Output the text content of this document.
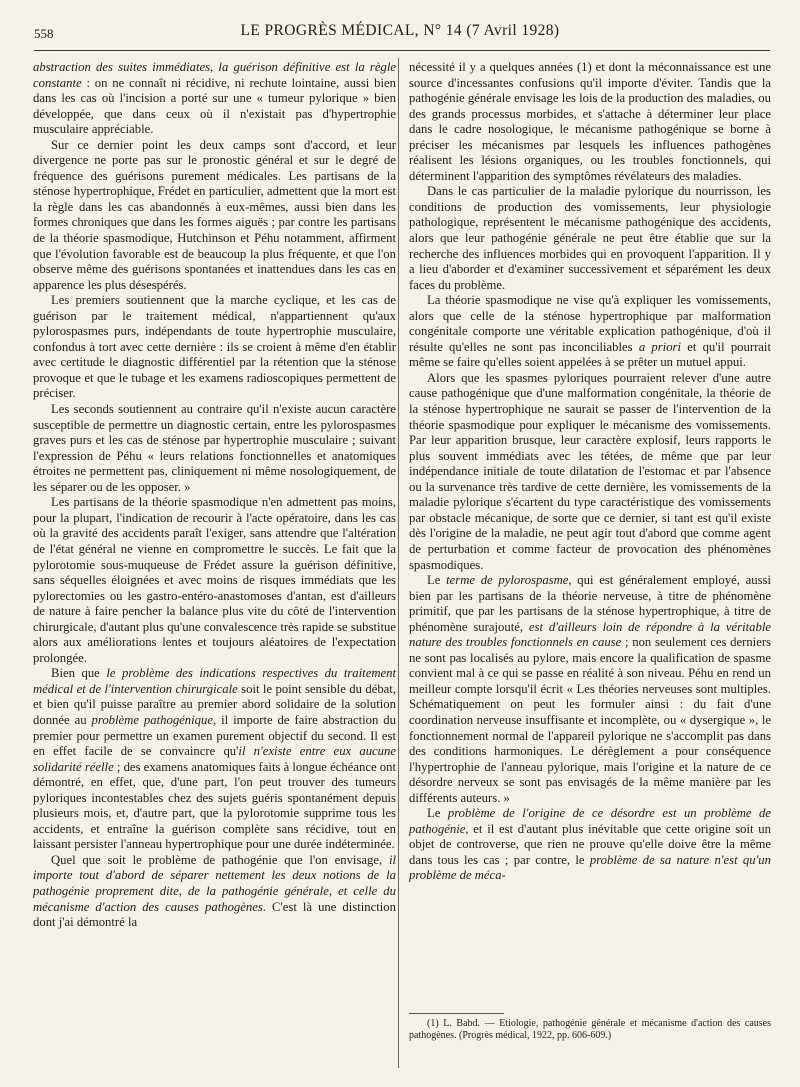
558	LE PROGRÈS MÉDICAL, N° 14 (7 Avril 1928)

abstraction des suites immédiates, la guérison définitive est la règle constante : on ne connaît ni récidive, ni rechute lointaine, aussi bien dans les cas où l'incision a porté sur une « tumeur pylorique » bien développée, que dans ceux où il n'existait pas d'hypertrophie musculaire appréciable.

Sur ce dernier point les deux camps sont d'accord, et leur divergence ne porte pas sur le pronostic général et sur le degré de fréquence des guérisons purement médicales. Les partisans de la sténose hypertrophique, Frédet en particulier, admettent que la mort est la règle dans les cas abandonnés à eux-mêmes, aussi bien dans les formes chroniques que dans les formes aiguës ; par contre les partisans de la théorie spasmodique, Hutchinson et Péhu notamment, affirment que l'évolution favorable est de beaucoup la plus fréquente, et que l'on observe même des guérisons spontanées et inattendues dans les cas en apparence les plus désespérés.

Les premiers soutiennent que la marche cyclique, et les cas de guérison par le traitement médical, n'appartiennent qu'aux pylorospasmes purs, indépendants de toute hypertrophie musculaire, confondus à tort avec cette dernière : ils se croient à même d'en établir avec certitude le diagnostic différentiel par la rétention que la sténose provoque et que le tubage et les examens radioscopiques permettent de préciser.

Les seconds soutiennent au contraire qu'il n'existe aucun caractère susceptible de permettre un diagnostic certain, entre les pylorospasmes graves purs et les cas de sténose par hypertrophie musculaire ; suivant l'expression de Péhu « leurs relations fonctionnelles et anatomiques étroites ne permettent pas, cliniquement ni même nosologiquement, de les séparer ou de les opposer. »

Les partisans de la théorie spasmodique n'en admettent pas moins, pour la plupart, l'indication de recourir à l'acte opératoire, dans les cas où la gravité des accidents paraît l'exiger, sans attendre que l'altération de l'état général ne vienne en compromettre le succès. Le fait que la pylorotomie sous-muqueuse de Frédet assure la guérison définitive, sans séquelles éloignées et avec moins de risques immédiats que les pylorectomies ou les gastro-entéro-anastomoses d'antan, est d'ailleurs de nature à faire pencher la balance plus vite du côté de l'intervention chirurgicale, d'autant plus qu'une convalescence très rapide se substitue alors aux améliorations lentes et toujours aléatoires de l'expectation prolongée.

Bien que le problème des indications respectives du traitement médical et de l'intervention chirurgicale soit le point sensible du débat, et bien qu'il puisse paraître au premier abord solidaire de la solution donnée au problème pathogénique, il importe de faire abstraction du premier pour permettre un examen purement objectif du second. Il est en effet facile de se convaincre qu'il n'existe entre eux aucune solidarité réelle ; des examens anatomiques faits à longue échéance ont démontré, en effet, que, d'une part, l'on peut trouver des tumeurs pyloriques incontestables chez des sujets guéris spontanément depuis plusieurs mois, et, d'autre part, que la pylorotomie supprime tous les accidents, et entraîne la guérison complète sans récidive, tout en laissant persister l'anneau hypertrophique pour une durée indéterminée.

Quel que soit le problème de pathogénie que l'on envisage, il importe tout d'abord de séparer nettement les deux notions de la pathogénie proprement dite, de la pathogénie générale, et celle du mécanisme d'action des causes pathogènes. C'est là une distinction dont j'ai démontré la

nécessité il y a quelques années (1) et dont la méconnaissance est une source d'incessantes confusions qu'il importe d'éviter. Tandis que la pathogénie générale envisage les lois de la production des maladies, ou des grands processus morbides, et s'attache à déterminer leur place dans le cadre nosologique, le mécanisme pathogénique se borne à préciser les mécanismes par lesquels les influences pathogènes réalisent les lésions organiques, ou les troubles fonctionnels, qui déterminent l'apparition des symptômes révélateurs des maladies.

Dans le cas particulier de la maladie pylorique du nourrisson, les conditions de production des vomissements, leur physiologie pathologique, représentent le mécanisme pathogénique des accidents, alors que leur pathogénie générale ne peut être établie que sur la recherche des influences morbides qui en provoquent l'apparition. Il y a lieu d'aborder et d'examiner successivement et séparément les deux faces du problème.

La théorie spasmodique ne vise qu'à expliquer les vomissements, alors que celle de la sténose hypertrophique par malformation congénitale comporte une véritable explication pathogénique, d'où il résulte qu'elles ne sont pas inconciliables a priori et qu'il pourrait même se faire qu'elles soient appelées à se prêter un mutuel appui.

Alors que les spasmes pyloriques pourraient relever d'une autre cause pathogénique que d'une malformation congénitale, la théorie de la sténose hypertrophique ne saurait se passer de l'intervention de la théorie spasmodique pour expliquer le mécanisme des vomissements. Par leur apparition brusque, leur caractère explosif, leurs rapports le plus souvent immédiats avec les tétées, de même que par leur indépendance initiale de toute dilatation de l'estomac et par l'absence ou la survenance très tardive de cette dernière, les vomissements de la maladie pylorique s'écartent du type caractéristique des vomissements par obstacle mécanique, de sorte que ce dernier, si tant est qu'il existe dès l'origine de la maladie, ne peut agir tout d'abord que comme agent de perturbation et comme facteur de provocation des phénomènes spasmodiques.

Le terme de pylorospasme, qui est généralement employé, aussi bien par les partisans de la théorie nerveuse, à titre de phénomène primitif, que par les partisans de la sténose hypertrophique, à titre de phénomène surajouté, est d'ailleurs loin de répondre à la véritable nature des troubles fonctionnels en cause ; non seulement ces derniers ne sont pas localisés au pylore, mais encore la qualification de spasme convient mal à ce qui se passe en réalité à son niveau. Péhu en rend un meilleur compte lorsqu'il écrit « Les théories nerveuses sont multiples. Schématiquement on peut les formuler ainsi : du fait d'une coordination nerveuse insuffisante et incomplète, ou « dysergique », le fonctionnement normal de l'appareil pylorique ne s'accomplit pas dans des conditions harmoniques. Le dérèglement a pour conséquence l'hypertrophie de l'anneau pylorique, mais l'origine et la nature de ce désordre nerveux se sont pas envisagés de la même manière par les différents auteurs. »

Le problème de l'origine de ce désordre est un problème de pathogénie, et il est d'autant plus inévitable que cette origine soit un objet de controverse, que rien ne prouve qu'elle doive être la même dans tous les cas ; par contre, le problème de sa nature n'est qu'un problème de méca-

(1) L. Babd. — Etiologie, pathogénie générale et mécanisme d'action des causes pathogènes. (Progrès médical, 1922, pp. 606-609.)
